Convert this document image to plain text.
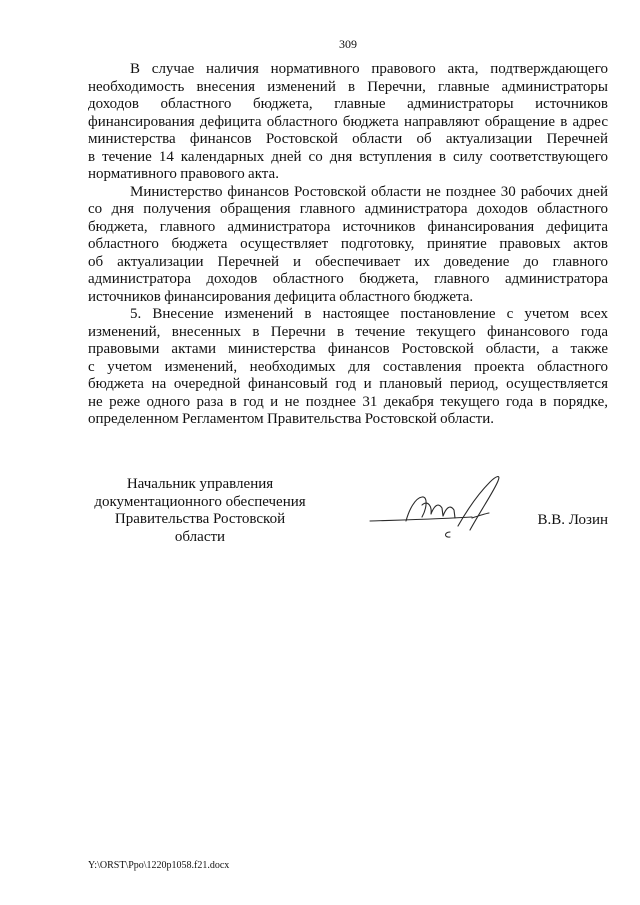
309
В случае наличия нормативного правового акта, подтверждающего
необходимость внесения изменений в Перечни, главные администраторы
доходов областного бюджета, главные администраторы источников
финансирования дефицита областного бюджета направляют обращение в адрес
министерства финансов Ростовской области об актуализации Перечней
в течение 14 календарных дней со дня вступления в силу соответствующего
нормативного правового акта.
Министерство финансов Ростовской области не позднее 30 рабочих дней
со дня получения обращения главного администратора доходов областного
бюджета, главного администратора источников финансирования дефицита
областного бюджета осуществляет подготовку, принятие правовых актов
об актуализации Перечней и обеспечивает их доведение до главного
администратора доходов областного бюджета, главного администратора
источников финансирования дефицита областного бюджета.
5. Внесение изменений в настоящее постановление с учетом всех
изменений, внесенных в Перечни в течение текущего финансового года
правовыми актами министерства финансов Ростовской области, а также
с учетом изменений, необходимых для составления проекта областного
бюджета на очередной финансовый год и плановый период, осуществляется
не реже одного раза в год и не позднее 31 декабря текущего года в порядке,
определенном Регламентом Правительства Ростовской области.
Начальник управления
документационного обеспечения
Правительства Ростовской области
В.В. Лозин
Y:\ORST\Ppo\1220p1058.f21.docx
